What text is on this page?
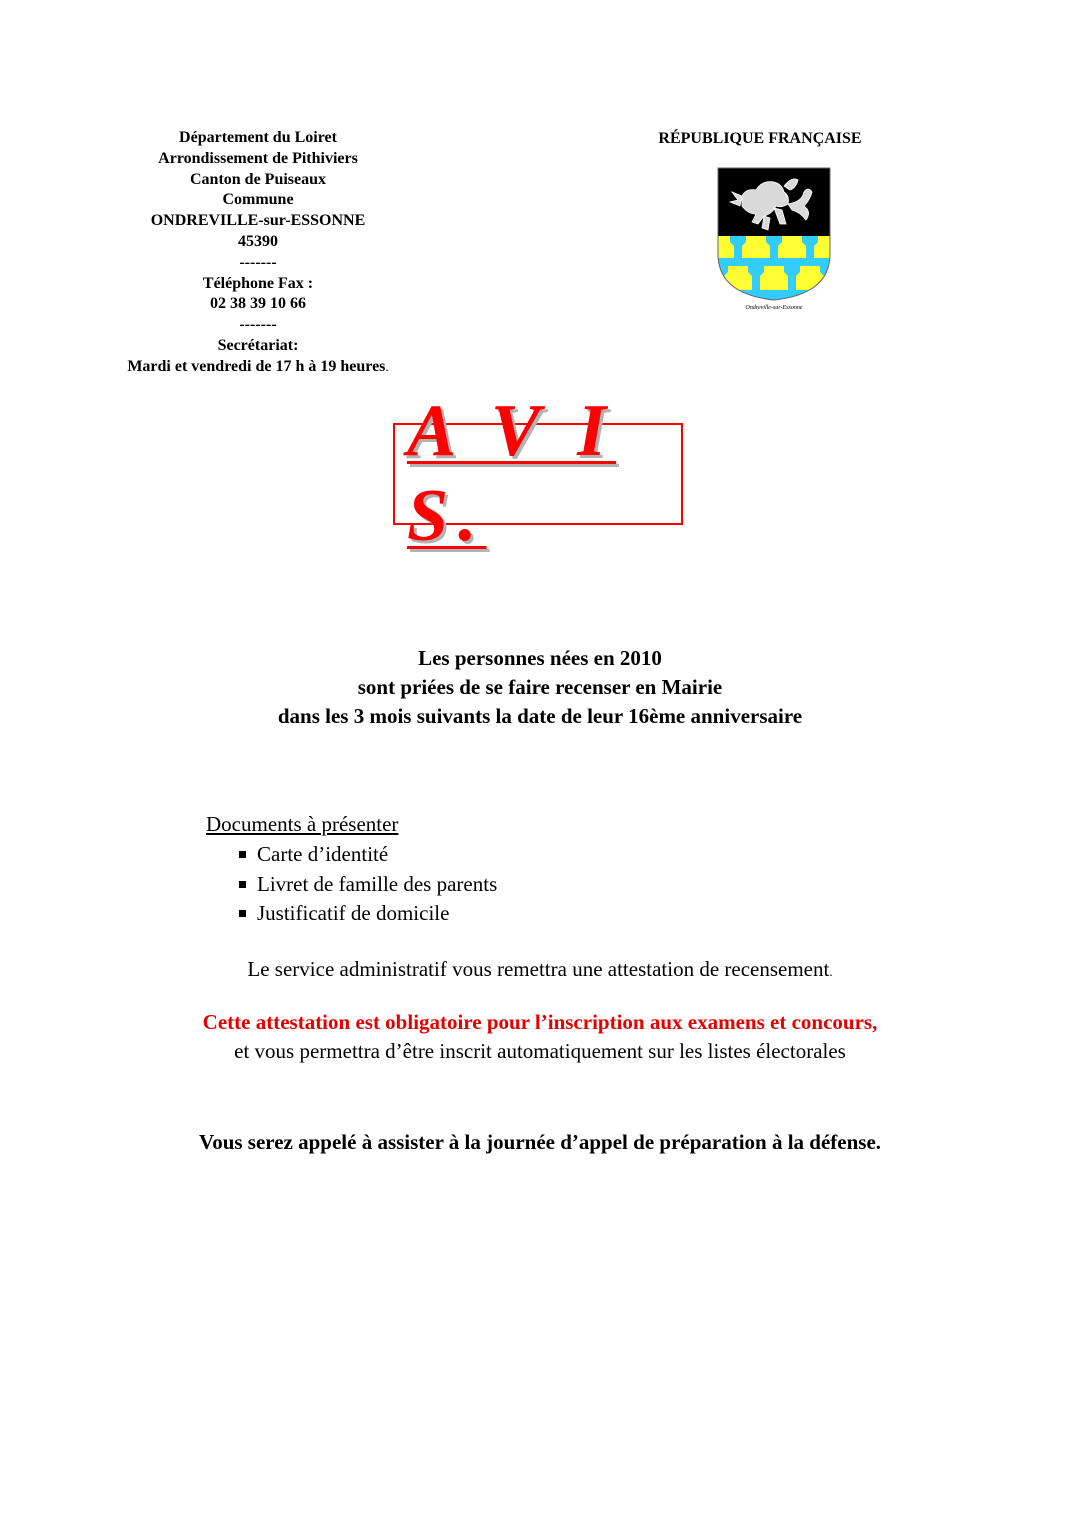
Département du Loiret
Arrondissement de Pithiviers
Canton de Puiseaux
Commune
ONDREVILLE-sur-ESSONNE
45390
-------
Téléphone Fax :
02 38 39 10 66
-------
Secrétariat:
Mardi et vendredi de 17 h à 19 heures.
RÉPUBLIQUE FRANÇAISE
Ondreville-sur-Essonne
A V I S.
Les personnes nées en 2010
sont priées de se faire recenser en Mairie
dans les 3 mois suivants la date de leur 16ème anniversaire
Documents à présenter
Carte d’identité
Livret de famille des parents
Justificatif de domicile
Le service administratif vous remettra une attestation de recensement.
Cette attestation est obligatoire pour l’inscription aux examens et concours,
et vous permettra d’être inscrit automatiquement sur les listes électorales
Vous serez appelé à assister à la journée d’appel de préparation à la défense.
